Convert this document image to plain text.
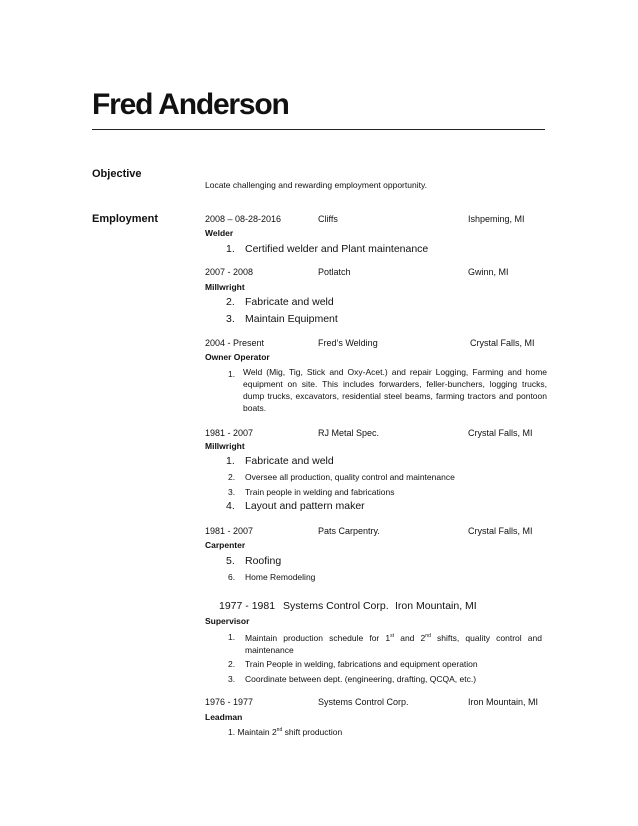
Fred Anderson
Objective
Locate challenging and rewarding employment opportunity.
Employment	2008 – 08-28-2016	Cliffs	Ishpeming, MI
Welder
1. Certified welder and Plant maintenance
2007 - 2008	Potlatch	Gwinn, MI
Millwright
2. Fabricate and weld
3. Maintain Equipment
2004 - Present	Fred’s Welding	Crystal Falls, MI
Owner Operator
1. Weld (Mig, Tig, Stick and Oxy-Acet.) and repair Logging, Farming and home equipment on site. This includes forwarders, feller-bunchers, logging trucks, dump trucks, excavators, residential steel beams, farming tractors and pontoon boats.
1981 - 2007	RJ Metal Spec.	Crystal Falls, MI
Millwright
1. Fabricate and weld
2. Oversee all production, quality control and maintenance
3. Train people in welding and fabrications
4. Layout and pattern maker
1981 - 2007	Pats Carpentry.	Crystal Falls, MI
Carpenter
5. Roofing
6. Home Remodeling
1977 - 1981 Systems Control Corp. Iron Mountain, MI
Supervisor
1. Maintain production schedule for 1st and 2nd shifts, quality control and maintenance
2. Train People in welding, fabrications and equipment operation
3. Coordinate between dept. (engineering, drafting, QCQA, etc.)
1976 - 1977	Systems Control Corp.	Iron Mountain, MI
Leadman
1. Maintain 2nd shift production
